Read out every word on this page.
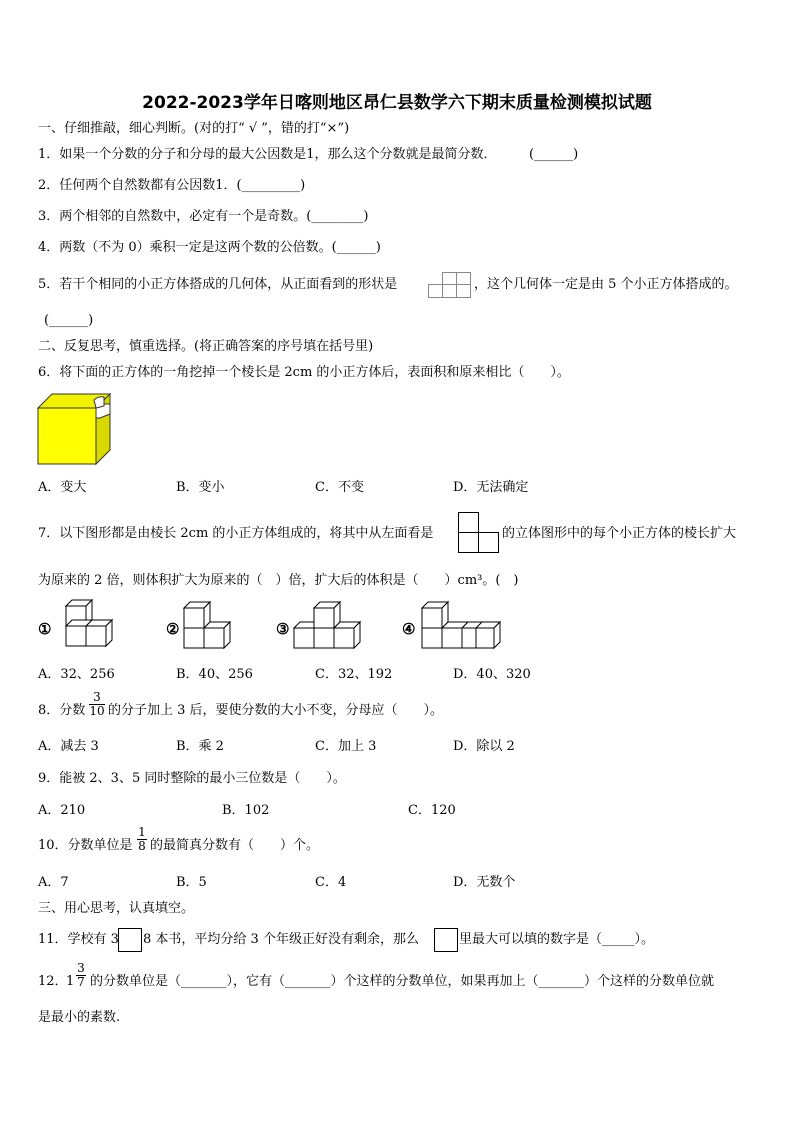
2022-2023学年日喀则地区昂仁县数学六下期末质量检测模拟试题
一、仔细推敲，细心判断。(对的打“ √ ”，错的打“×”)
1．如果一个分数的分子和分母的最大公因数是1，那么这个分数就是最简分数．　　　(______)
2．任何两个自然数都有公因数1．(_________)
3．两个相邻的自然数中，必定有一个是奇数。(________)
4．两数（不为 0）乘积一定是这两个数的公倍数。(______)
5．若干个相同的小正方体搭成的几何体，从正面看到的形状是	，这个几何体一定是由 5 个小正方体搭成的。
(______)
二、反复思考，慎重选择。(将正确答案的序号填在括号里)
6．将下面的正方体的一角挖掉一个棱长是 2cm 的小正方体后，表面积和原来相比（　　）。
A．变大	B．变小	C．不变	D．无法确定
7．以下图形都是由棱长 2cm 的小正方体组成的，将其中从左面看是	的立体图形中的每个小正方体的棱长扩大
为原来的 2 倍，则体积扩大为原来的（　）倍，扩大后的体积是（　　）cm³。(　)
①	②	③	④
A．32、256	B．40、256	C．32、192	D．40、320
8．分数
3
10 的分子加上 3 后，要使分数的大小不变，分母应（　　）。
A．减去 3	B．乘 2	C．加上 3	D．除以 2
9．能被 2、3、5 同时整除的最小三位数是（　　）。
A．210	B．102	C．120
10．分数单位是
1
8 的最简真分数有（　　）个。
A．7	B．5	C．4	D．无数个
三、用心思考，认真填空。
11．学校有 3 8 本书，平均分给 3 个年级正好没有剩余，那么	里最大可以填的数字是（_____）。
12．
1
3
7 的分数单位是（_______），它有（_______）个这样的分数单位，如果再加上（_______）个这样的分数单位就
是最小的素数.
